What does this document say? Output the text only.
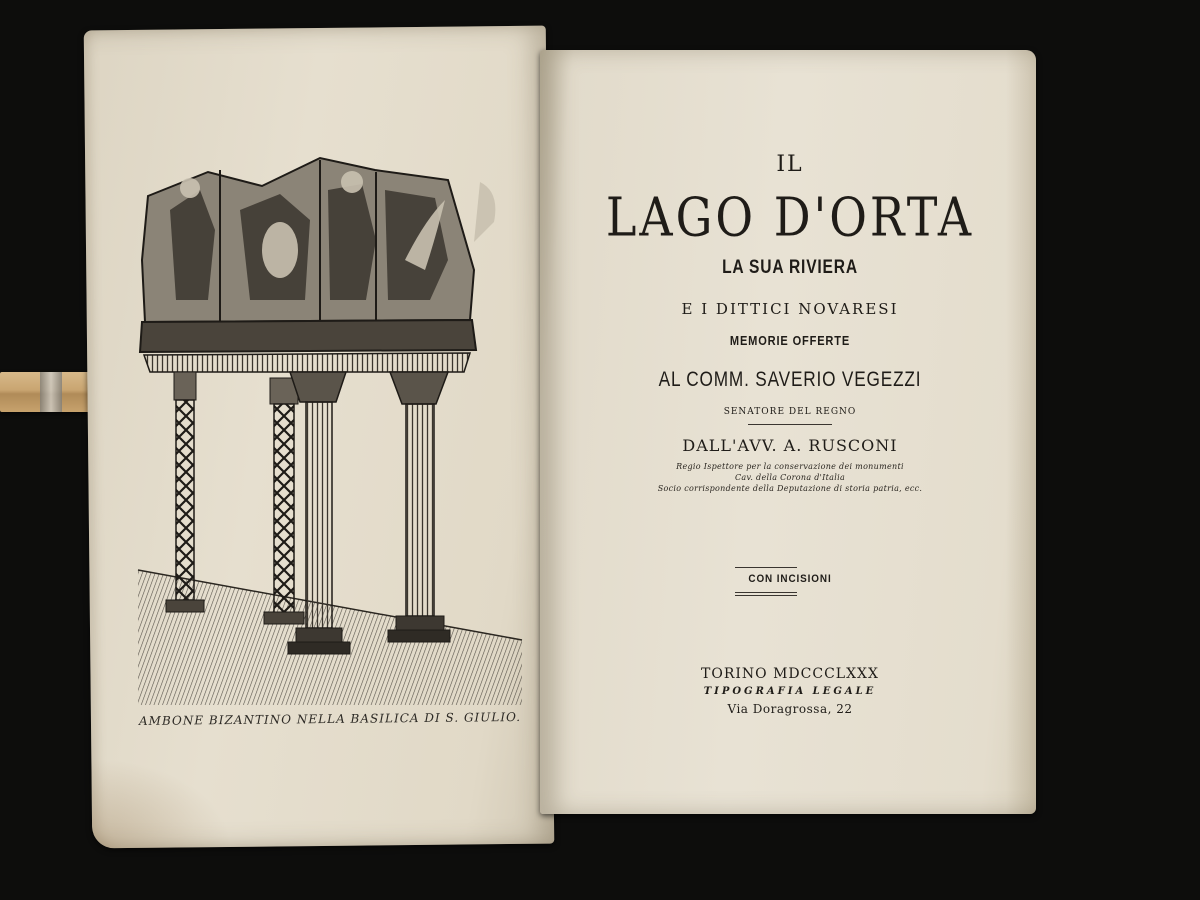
AMBONE BIZANTINO NELLA BASILICA DI S. GIULIO.
IL
LAGO D'ORTA
LA SUA RIVIERA
E I DITTICI NOVARESI
MEMORIE OFFERTE
AL COMM. SAVERIO VEGEZZI
SENATORE DEL REGNO
DALL'AVV. A. RUSCONI
Regio Ispettore per la conservazione dei monumenti
Cav. della Corona d'Italia
Socio corrispondente della Deputazione di storia patria, ecc.
CON INCISIONI
TORINO MDCCCLXXX
TIPOGRAFIA LEGALE
Via Doragrossa, 22
